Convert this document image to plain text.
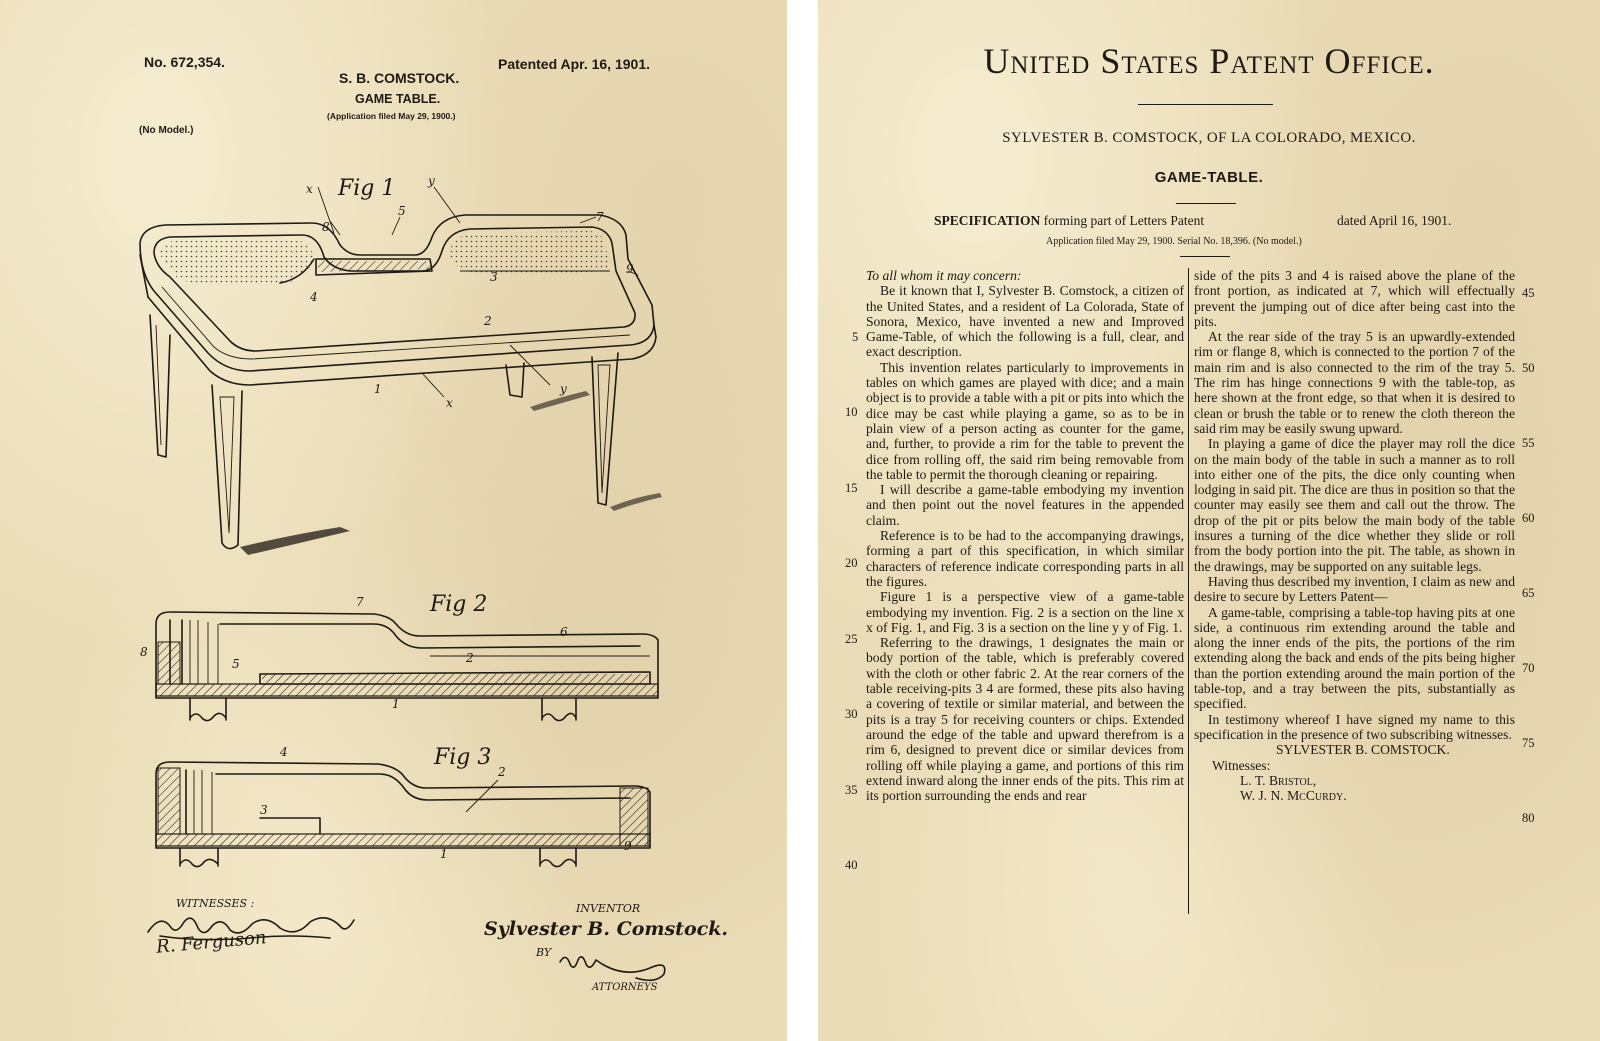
No. 672,354.	Patented Apr. 16, 1901.
S. B. COMSTOCK.
GAME TABLE.
(Application filed May 29, 1900.)
(No Model.)
Fig 1
x
y
5
8
7
9
3
4
2
y
x
1
Fig 2
8
5
7
6
2
1
Fig 3
4
3
2
1
9
WITNESSES :
R. Ferguson
INVENTOR
Sylvester B. Comstock.
BY
ATTORNEYS
United States Patent Office.
SYLVESTER B. COMSTOCK, OF LA COLORADO, MEXICO.
GAME-TABLE.
SPECIFICATION forming part of Letters Patent	dated April 16, 1901.
Application filed May 29, 1900. Serial No. 18,396. (No model.)
5
10
15
20
25
30
35
40

To all whom it may concern:

Be it known that I, Sylvester B. Comstock, a citizen of the United States, and a resident of La Colorada, State of Sonora, Mexico, have invented a new and Improved Game-Table, of which the following is a full, clear, and exact description.

This invention relates particularly to improvements in tables on which games are played with dice; and a main object is to provide a table with a pit or pits into which the dice may be cast while playing a game, so as to be in plain view of a person acting as counter for the game, and, further, to provide a rim for the table to prevent the dice from rolling off, the said rim being removable from the table to permit the thorough cleaning or repairing.

I will describe a game-table embodying my invention and then point out the novel features in the appended claim.

Reference is to be had to the accompanying drawings, forming a part of this specification, in which similar characters of reference indicate corresponding parts in all the figures.

Figure 1 is a perspective view of a game-table embodying my invention. Fig. 2 is a section on the line x x of Fig. 1, and Fig. 3 is a section on the line y y of Fig. 1.

Referring to the drawings, 1 designates the main or body portion of the table, which is preferably covered with the cloth or other fabric 2. At the rear corners of the table receiving-pits 3 4 are formed, these pits also having a covering of textile or similar material, and between the pits is a tray 5 for receiving counters or chips. Extended around the edge of the table and upward therefrom is a rim 6, designed to prevent dice or similar devices from rolling off while playing a game, and portions of this rim extend inward along the inner ends of the pits. This rim at its portion surrounding the ends and rear

side of the pits 3 and 4 is raised above the plane of the front portion, as indicated at 7, which will effectually prevent the jumping out of dice after being cast into the pits.

At the rear side of the tray 5 is an upwardly-extended rim or flange 8, which is connected to the portion 7 of the main rim and is also connected to the rim of the tray 5. The rim has hinge connections 9 with the table-top, as here shown at the front edge, so that when it is desired to clean or brush the table or to renew the cloth thereon the said rim may be easily swung upward.

In playing a game of dice the player may roll the dice on the main body of the table in such a manner as to roll into either one of the pits, the dice only counting when lodging in said pit. The dice are thus in position so that the counter may easily see them and call out the throw. The drop of the pit or pits below the main body of the table insures a turning of the dice whether they slide or roll from the body portion into the pit. The table, as shown in the drawings, may be supported on any suitable legs.

Having thus described my invention, I claim as new and desire to secure by Letters Patent—

A game-table, comprising a table-top having pits at one side, a continuous rim extending around the table and along the inner ends of the pits, the portions of the rim extending along the back and ends of the pits being higher than the portion extending around the main portion of the table-top, and a tray between the pits, substantially as specified.

In testimony whereof I have signed my name to this specification in the presence of two subscribing witnesses.

SYLVESTER B. COMSTOCK.

Witnesses:

L. T. Bristol,

W. J. N. McCurdy.

45
50
55
60
65
70
75
80
